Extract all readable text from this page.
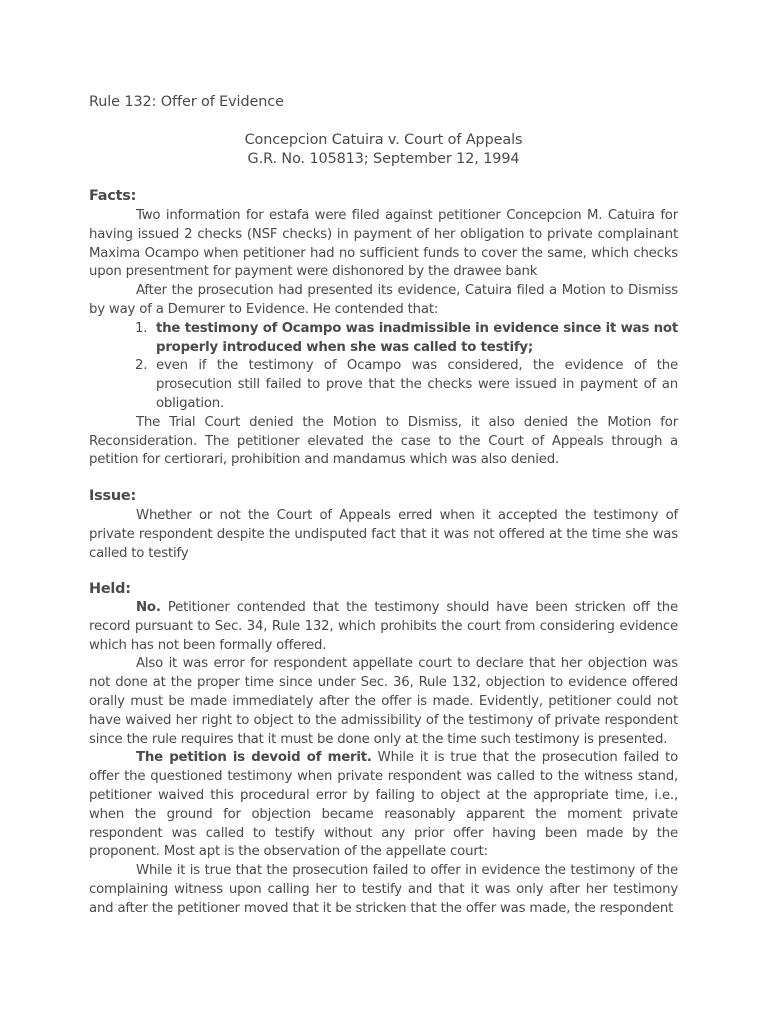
Rule 132: Offer of Evidence
Concepcion Catuira v. Court of Appeals
G.R. No. 105813; September 12, 1994
Facts:

Two information for estafa were filed against petitioner Concepcion M. Catuira for having issued 2 checks (NSF checks) in payment of her obligation to private complainant Maxima Ocampo when petitioner had no sufficient funds to cover the same, which checks upon presentment for payment were dishonored by the drawee bank

After the prosecution had presented its evidence, Catuira filed a Motion to Dismiss by way of a Demurer to Evidence. He contended that:

1. the testimony of Ocampo was inadmissible in evidence since it was not properly introduced when she was called to testify;
2. even if the testimony of Ocampo was considered, the evidence of the prosecution still failed to prove that the checks were issued in payment of an obligation.

The Trial Court denied the Motion to Dismiss, it also denied the Motion for Reconsideration. The petitioner elevated the case to the Court of Appeals through a petition for certiorari, prohibition and mandamus which was also denied.

Issue:

Whether or not the Court of Appeals erred when it accepted the testimony of private respondent despite the undisputed fact that it was not offered at the time she was called to testify

Held:

No. Petitioner contended that the testimony should have been stricken off the record pursuant to Sec. 34, Rule 132, which prohibits the court from considering evidence which has not been formally offered.

Also it was error for respondent appellate court to declare that her objection was not done at the proper time since under Sec. 36, Rule 132, objection to evidence offered orally must be made immediately after the offer is made. Evidently, petitioner could not have waived her right to object to the admissibility of the testimony of private respondent since the rule requires that it must be done only at the time such testimony is presented.

The petition is devoid of merit. While it is true that the prosecution failed to offer the questioned testimony when private respondent was called to the witness stand, petitioner waived this procedural error by failing to object at the appropriate time, i.e., when the ground for objection became reasonably apparent the moment private respondent was called to testify without any prior offer having been made by the proponent. Most apt is the observation of the appellate court:

While it is true that the prosecution failed to offer in evidence the testimony of the complaining witness upon calling her to testify and that it was only after her testimony and after the petitioner moved that it be stricken that the offer was made, the respondent
